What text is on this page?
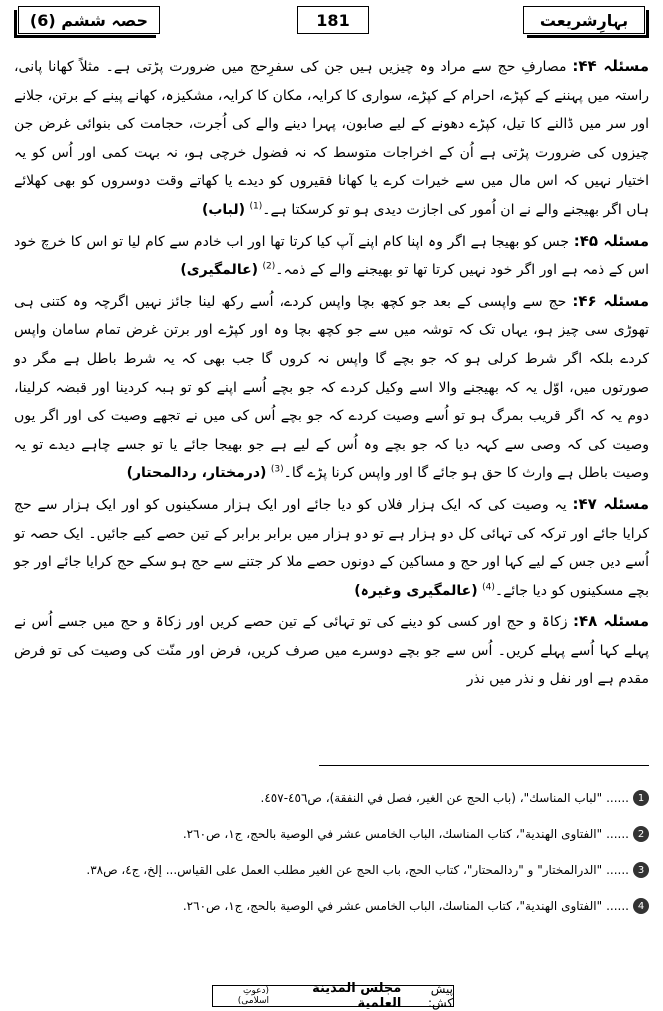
حصہ ششم (6)	181	بہارِشریعت

مسئلہ ۴۴: مصارفِ حج سے مراد وہ چیزیں ہیں جن کی سفرِحج میں ضرورت پڑتی ہے۔ مثلاً کھانا پانی، راستہ میں پہننے کے کپڑے، احرام کے کپڑے، سواری کا کرایہ، مکان کا کرایہ، مشکیزہ، کھانے پینے کے برتن، جلانے اور سر میں ڈالنے کا تیل، کپڑے دھونے کے لیے صابون، پہرا دینے والے کی اُجرت، حجامت کی بنوائی غرض جن چیزوں کی ضرورت پڑتی ہے اُن کے اخراجات متوسط کہ نہ فضول خرچی ہو، نہ بہت کمی اور اُس کو یہ اختیار نہیں کہ اس مال میں سے خیرات کرے یا کھانا فقیروں کو دیدے یا کھاتے وقت دوسروں کو بھی کھلائے ہاں اگر بھیجنے والے نے ان اُمور کی اجازت دیدی ہو تو کرسکتا ہے۔$^{(1)}$ (لباب)

مسئلہ ۴۵: جس کو بھیجا ہے اگر وہ اپنا کام اپنے آپ کیا کرتا تھا اور اب خادم سے کام لیا تو اس کا خرچ خود اس کے ذمہ ہے اور اگر خود نہیں کرتا تھا تو بھیجنے والے کے ذمہ۔$^{(2)}$ (عالمگیری)

مسئلہ ۴۶: حج سے واپسی کے بعد جو کچھ بچا واپس کردے، اُسے رکھ لینا جائز نہیں اگرچہ وہ کتنی ہی تھوڑی سی چیز ہو، یہاں تک کہ توشہ میں سے جو کچھ بچا وہ اور کپڑے اور برتن غرض تمام سامان واپس کردے بلکہ اگر شرط کرلی ہو کہ جو بچے گا واپس نہ کروں گا جب بھی کہ یہ شرط باطل ہے مگر دو صورتوں میں، اوّل یہ کہ بھیجنے والا اسے وکیل کردے کہ جو بچے اُسے اپنے کو تو ہبہ کردینا اور قبضہ کرلینا، دوم یہ کہ اگر قریب بمرگ ہو تو اُسے وصیت کردے کہ جو بچے اُس کی میں نے تجھے وصیت کی اور اگر یوں وصیت کی کہ وصی سے کہہ دیا کہ جو بچے وہ اُس کے لیے ہے جو بھیجا جائے یا تو جسے چاہے دیدے تو یہ وصیت باطل ہے وارث کا حق ہو جائے گا اور واپس کرنا پڑے گا۔$^{(3)}$ (درمختار، ردالمحتار)

مسئلہ ۴۷: یہ وصیت کی کہ ایک ہزار فلاں کو دیا جائے اور ایک ہزار مسکینوں کو اور ایک ہزار سے حج کرایا جائے اور ترکہ کی تہائی کل دو ہزار ہے تو دو ہزار میں برابر برابر کے تین حصے کیے جائیں۔ ایک حصہ تو اُسے دیں جس کے لیے کہا اور حج و مساکین کے دونوں حصے ملا کر جتنے سے حج ہو سکے حج کرایا جائے اور جو بچے مسکینوں کو دیا جائے۔$^{(4)}$ (عالمگیری وغیرہ)

مسئلہ ۴۸: زکاۃ و حج اور کسی کو دینے کی تو تہائی کے تین حصے کریں اور زکاۃ و حج میں جسے اُس نے پہلے کہا اُسے پہلے کریں۔ اُس سے جو بچے دوسرے میں صرف کریں، فرض اور منّت کی وصیت کی تو فرض مقدم ہے اور نفل و نذر میں نذر

1
......
"لباب المناسك"، (باب الحج عن الغير، فصل في النفقة)، ص٤٥٦-٤٥٧.
2
......
"الفتاوى الهندية"، كتاب المناسك، الباب الخامس عشر في الوصية بالحج، ج١، ص٢٦٠.
3
......
"الدرالمختار" و "ردالمحتار"، كتاب الحج، باب الحج عن الغير مطلب العمل على القياس... إلخ، ج٤، ص٣٨.
4
......
"الفتاوى الهندية"، كتاب المناسك، الباب الخامس عشر في الوصية بالحج، ج١، ص٢٦٠.
پیش کش:
مجلس المدينة العلمية
(دعوتِ اسلامی)
